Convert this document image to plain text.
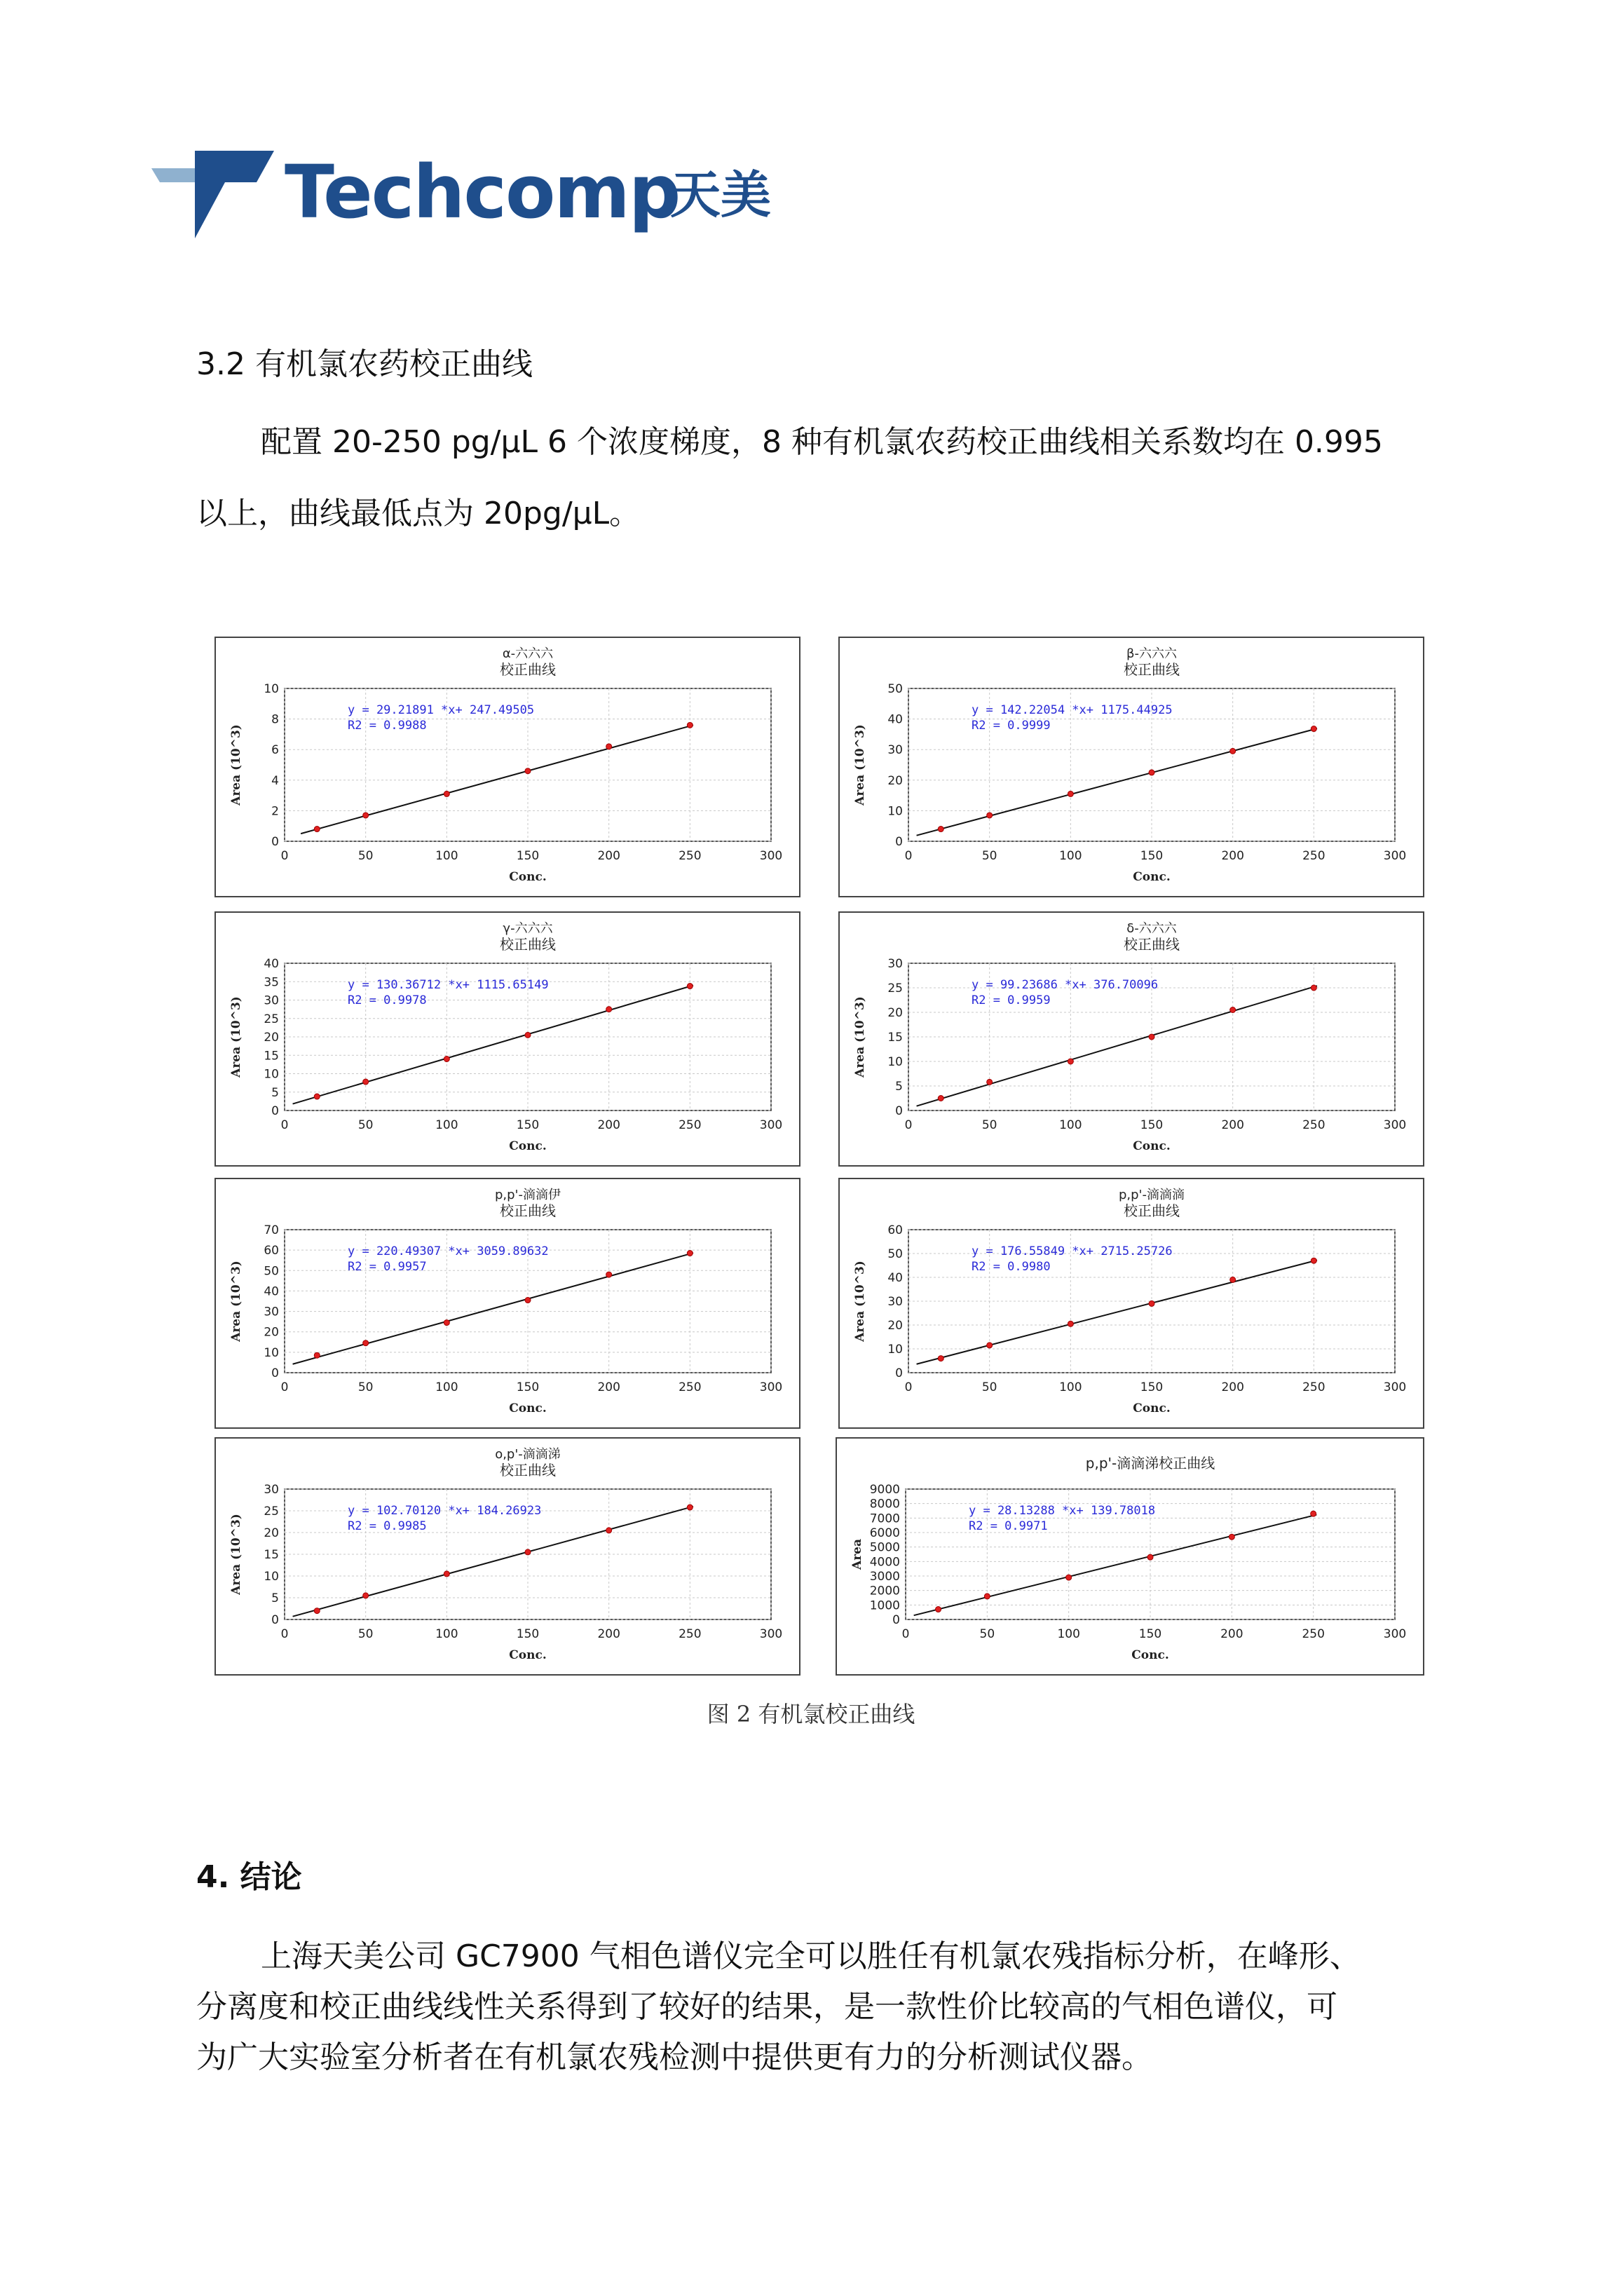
Techcomp
天美
3.2 有机氯农药校正曲线
配置 20-250 pg/μL 6 个浓度梯度，8 种有机氯农药校正曲线相关系数均在 0.995
以上，曲线最低点为 20pg/μL。
0	50	100	150	200	250	300
0
2
4
6
8
10
α-六六六
校正曲线
Conc.
Area (10^3)
y = 29.21891 *x+ 247.49505
R2 = 0.9988
0	50	100	150	200	250	300
0
10
20
30
40
50
β-六六六
校正曲线
Conc.
Area (10^3)
y = 142.22054 *x+ 1175.44925
R2 = 0.9999
0	50	100	150	200	250	300
0
5
10
15
20
25
30
35
40
γ-六六六
校正曲线
Conc.
Area (10^3)
y = 130.36712 *x+ 1115.65149
R2 = 0.9978
0	50	100	150	200	250	300
0
5
10
15
20
25
30
δ-六六六
校正曲线
Conc.
Area (10^3)
y = 99.23686 *x+ 376.70096
R2 = 0.9959
0	50	100	150	200	250	300
0
10
20
30
40
50
60
70
p,p'-滴滴伊
校正曲线
Conc.
Area (10^3)
y = 220.49307 *x+ 3059.89632
R2 = 0.9957
0	50	100	150	200	250	300
0
10
20
30
40
50
60
p,p'-滴滴滴
校正曲线
Conc.
Area (10^3)
y = 176.55849 *x+ 2715.25726
R2 = 0.9980
0	50	100	150	200	250	300
0
5
10
15
20
25
30
o,p'-滴滴涕
校正曲线
Conc.
Area (10^3)
y = 102.70120 *x+ 184.26923
R2 = 0.9985
0	50	100	150	200	250	300
0
1000
2000
3000
4000
5000
6000
7000
8000
9000
p,p'-滴滴涕校正曲线
Conc.
Area
y = 28.13288 *x+ 139.78018
R2 = 0.9971
图 2 有机氯校正曲线
4. 结论
上海天美公司 GC7900 气相色谱仪完全可以胜任有机氯农残指标分析，在峰形、
分离度和校正曲线线性关系得到了较好的结果，是一款性价比较高的气相色谱仪，可
为广大实验室分析者在有机氯农残检测中提供更有力的分析测试仪器。
